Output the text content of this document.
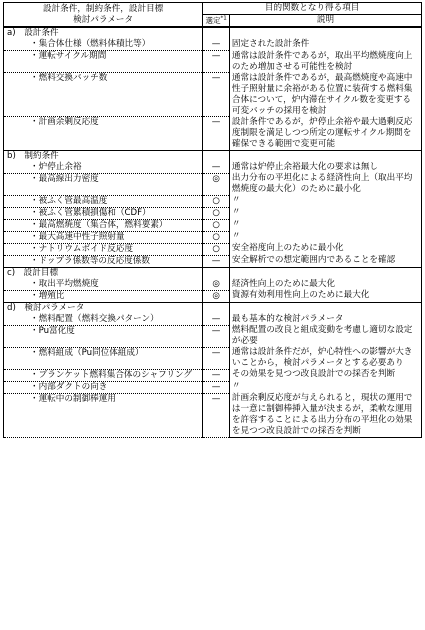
設計条件，制約条件，設計目標
検討パラメータ	目的関数となり得る項目	
	選定$^{*1}$	説明
a)　設計条件		
・集合体仕様（燃料体積比等）	—	固定された設計条件
・運転サイクル期間	—	通常は設計条件であるが，取出平均燃焼度向上のため増加させる可能性を検討
・燃料交換バッチ数	—	通常は設計条件であるが，最高燃焼度や高速中性子照射量に余裕がある位置に装荷する燃料集合体について，炉内滞在サイクル数を変更する可変バッチの採用を検討
・計画余剰反応度	—	設計条件であるが，炉停止余裕や最大過剰反応度制限を満足しつつ所定の運転サイクル期間を確保できる範囲で変更可能
b)　制約条件		
・炉停止余裕	—	通常は炉停止余裕最大化の要求は無し
・最高線出力密度	◎	出力分布の平坦化による経済性向上（取出平均燃焼度の最大化）のために最小化
・被ふく管最高温度	○	〃
・被ふく管累積損傷和（CDF）	○	〃
・最高燃焼度（集合体，燃料要素）	○	〃
・最大高速中性子照射量	○	〃
・ナトリウムボイド反応度	○	安全裕度向上のために最小化
・ドップラ係数等の反応度係数	—	安全解析での想定範囲内であることを確認
c)　設計目標		
・取出平均燃焼度	◎	経済性向上のために最大化
・増殖比	◎	資源有効利用性向上のために最大化
d)　検討パラメータ		
・燃料配置（燃料交換パターン）	—	最も基本的な検討パラメータ
・Pu富化度	—	燃料配置の改良と組成変動を考慮し適切な設定が必要
・燃料組成（Pu同位体組成）	—	通常は設計条件だが，炉心特性への影響が大きいことから，検討パラメータとする必要あり
・ブランケット燃料集合体のシャフリング	—	その効果を見つつ改良設計での採否を判断
・内部ダクトの向き	—	〃
・運転中の制御棒運用	—	計画余剰反応度が与えられると，現状の運用では一意に制御棒挿入量が決まるが，柔軟な運用を許容することによる出力分布の平坦化の効果を見つつ改良設計での採否を判断
